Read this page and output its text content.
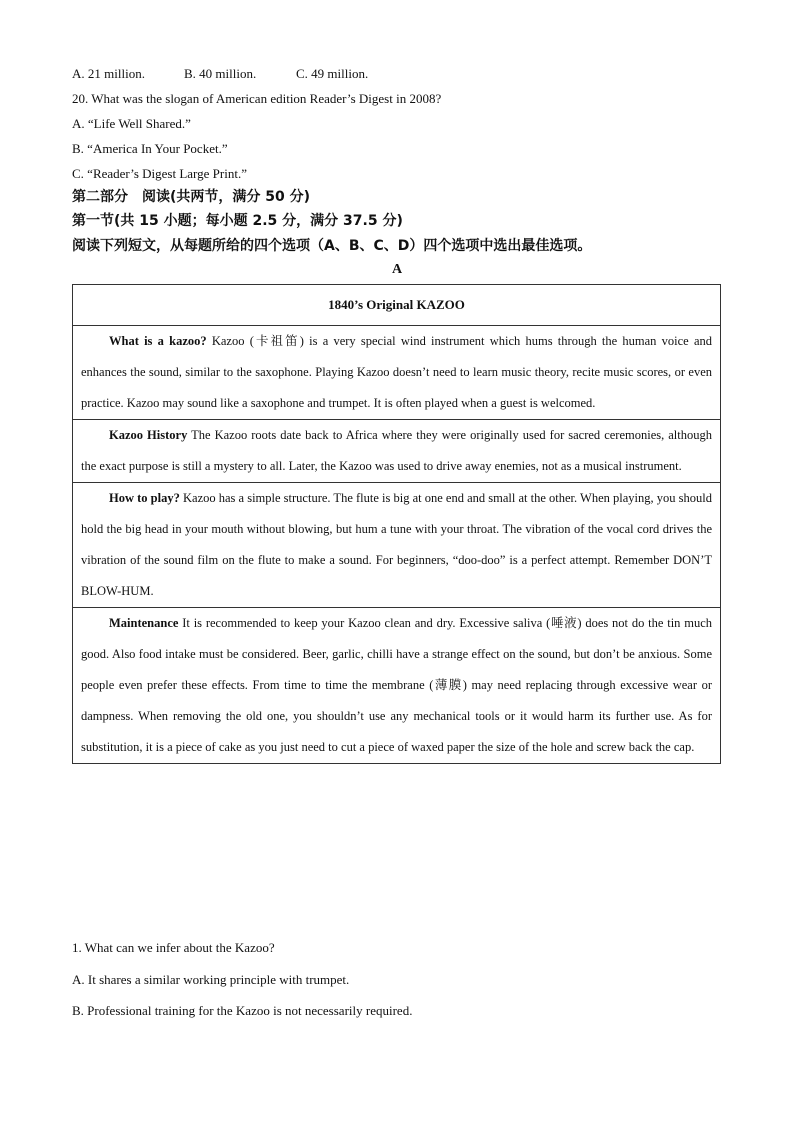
A. 21 million.	B. 40 million.	C. 49 million.
20. What was the slogan of American edition Reader’s Digest in 2008?
A. “Life Well Shared.”
B. “America In Your Pocket.”
C. “Reader’s Digest Large Print.”
第二部分　阅读(共两节，满分 50 分)
第一节(共 15 小题；每小题 2.5 分，满分 37.5 分)
阅读下列短文，从每题所给的四个选项（A、B、C、D）四个选项中选出最佳选项。
A
1840’s Original KAZOO
What is a kazoo? Kazoo (卡祖笛) is a very special wind instrument which hums through the human voice and enhances the sound, similar to the saxophone. Playing Kazoo doesn’t need to learn music theory, recite music scores, or even practice. Kazoo may sound like a saxophone and trumpet. It is often played when a guest is welcomed.
Kazoo History The Kazoo roots date back to Africa where they were originally used for sacred ceremonies, although the exact purpose is still a mystery to all. Later, the Kazoo was used to drive away enemies, not as a musical instrument.
How to play? Kazoo has a simple structure. The flute is big at one end and small at the other. When playing, you should hold the big head in your mouth without blowing, but hum a tune with your throat. The vibration of the vocal cord drives the vibration of the sound film on the flute to make a sound. For beginners, “doo-doo” is a perfect attempt. Remember DON’T BLOW-HUM.
Maintenance It is recommended to keep your Kazoo clean and dry. Excessive saliva (唾液) does not do the tin much good. Also food intake must be considered. Beer, garlic, chilli have a strange effect on the sound, but don’t be anxious. Some people even prefer these effects. From time to time the membrane (薄膜) may need replacing through excessive wear or dampness. When removing the old one, you shouldn’t use any mechanical tools or it would harm its further use. As for substitution, it is a piece of cake as you just need to cut a piece of waxed paper the size of the hole and screw back the cap.
1. What can we infer about the Kazoo?
A. It shares a similar working principle with trumpet.
B. Professional training for the Kazoo is not necessarily required.
